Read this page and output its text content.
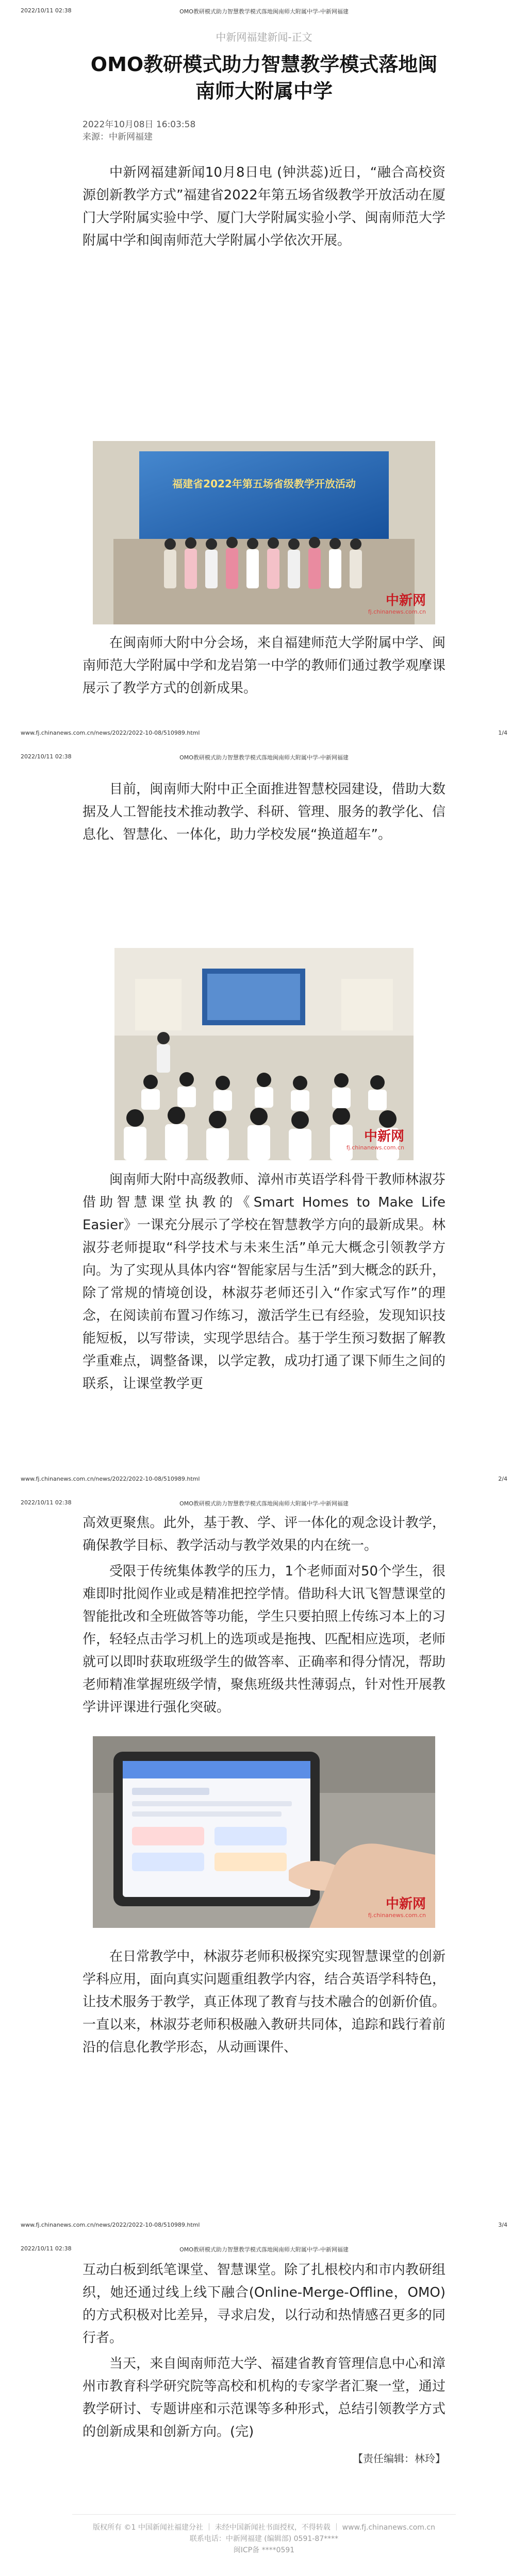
2022/10/11 02:38	OMO教研模式助力智慧教学模式落地闽南师大附属中学-中新网福建
中新网福建新闻-正文
OMO教研模式助力智慧教学模式落地闽南师大附属中学
2022年10月08日 16:03:58
来源：中新网福建

中新网福建新闻10月8日电 (钟洪蕊)近日，“融合高校资源创新教学方式”福建省2022年第五场省级教学开放活动在厦门大学附属实验中学、厦门大学附属实验小学、闽南师范大学附属中学和闽南师范大学附属小学依次开展。

福建省2022年第五场省级教学开放活动
中新网
fj.chinanews.com.cn

在闽南师大附中分会场，来自福建师范大学附属中学、闽南师范大学附属中学和龙岩第一中学的教师们通过教学观摩课展示了教学方式的创新成果。

www.fj.chinanews.com.cn/news/2022/2022-10-08/510989.html	1/4
2022/10/11 02:38	OMO教研模式助力智慧教学模式落地闽南师大附属中学-中新网福建

目前，闽南师大附中正全面推进智慧校园建设，借助大数据及人工智能技术推动教学、科研、管理、服务的教学化、信息化、智慧化、一体化，助力学校发展“换道超车”。

中新网
fj.chinanews.com.cn

闽南师大附中高级教师、漳州市英语学科骨干教师林淑芬借助智慧课堂执教的《Smart Homes to Make Life Easier》一课充分展示了学校在智慧教学方向的最新成果。林淑芬老师提取“科学技术与未来生活”单元大概念引领教学方向。为了实现从具体内容“智能家居与生活”到大概念的跃升，除了常规的情境创设，林淑芬老师还引入“作家式写作”的理念，在阅读前布置习作练习，激活学生已有经验，发现知识技能短板，以写带读，实现学思结合。基于学生预习数据了解教学重难点，调整备课，以学定教，成功打通了课下师生之间的联系，让课堂教学更

www.fj.chinanews.com.cn/news/2022/2022-10-08/510989.html	2/4
2022/10/11 02:38	OMO教研模式助力智慧教学模式落地闽南师大附属中学-中新网福建

高效更聚焦。此外，基于教、学、评一体化的观念设计教学，确保教学目标、教学活动与教学效果的内在统一。

受限于传统集体教学的压力，1个老师面对50个学生，很难即时批阅作业或是精准把控学情。借助科大讯飞智慧课堂的智能批改和全班做答等功能，学生只要拍照上传练习本上的习作，轻轻点击学习机上的选项或是拖拽、匹配相应选项，老师就可以即时获取班级学生的做答率、正确率和得分情况，帮助老师精准掌握班级学情，聚焦班级共性薄弱点，针对性开展教学讲评课进行强化突破。

中新网
fj.chinanews.com.cn

在日常教学中，林淑芬老师积极探究实现智慧课堂的创新学科应用，面向真实问题重组教学内容，结合英语学科特色，让技术服务于教学，真正体现了教育与技术融合的创新价值。一直以来，林淑芬老师积极融入教研共同体，追踪和践行着前沿的信息化教学形态，从动画课件、

www.fj.chinanews.com.cn/news/2022/2022-10-08/510989.html	3/4
2022/10/11 02:38	OMO教研模式助力智慧教学模式落地闽南师大附属中学-中新网福建

互动白板到纸笔课堂、智慧课堂。除了扎根校内和市内教研组织，她还通过线上线下融合(Online-Merge-Offline，OMO)的方式积极对比差异，寻求启发，以行动和热情感召更多的同行者。

当天，来自闽南师范大学、福建省教育管理信息中心和漳州市教育科学研究院等高校和机构的专家学者汇聚一堂，通过教学研讨、专题讲座和示范课等多种形式，总结引领教学方式的创新成果和创新方向。(完)

【责任编辑：林玲】
版权所有 ©1 中国新闻社福建分社 ｜ 未经中国新闻社书面授权，不得转载 ｜ www.fj.chinanews.com.cn
联系电话：中新网福建 (编辑部) 0591-87****
闽ICP备 ****0591
